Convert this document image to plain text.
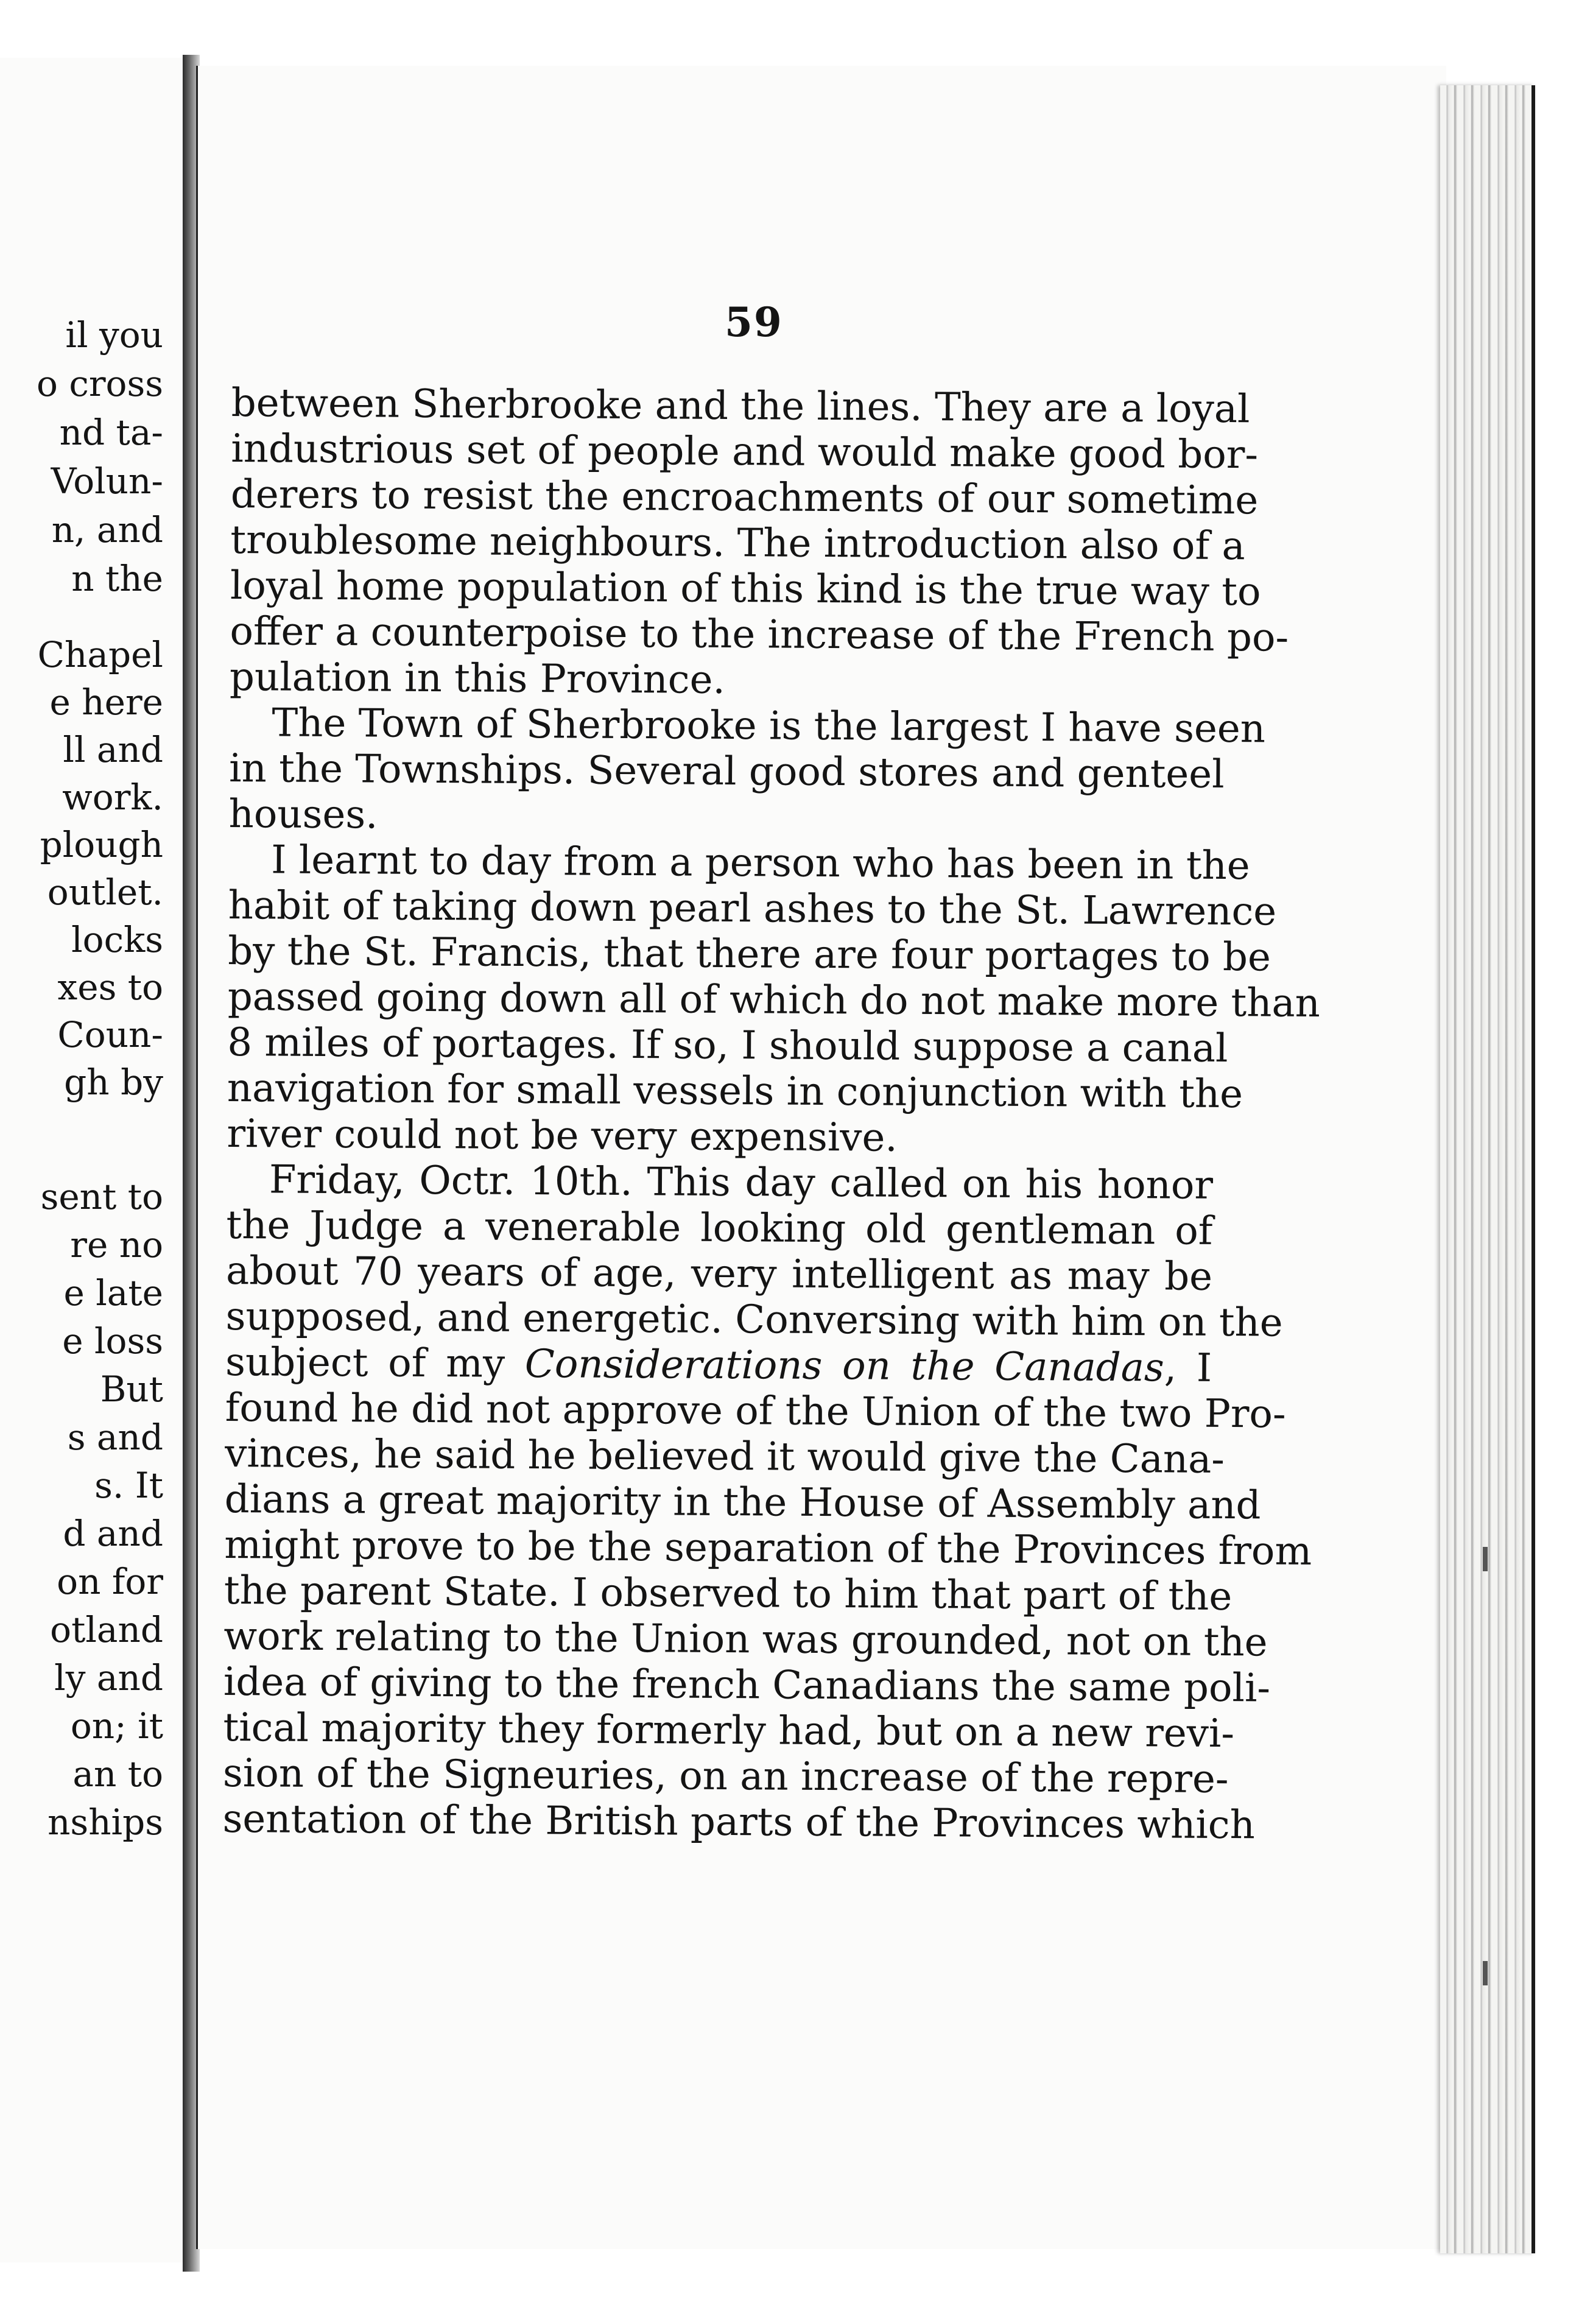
il you
o cross
nd ta-
Volun-
n, and
n the
Chapel
e here
ll and
work.
plough
outlet.
locks
xes to
Coun-
gh by
sent to
re no
e late
e loss
But
s and
s. It
d and
on for
otland
ly and
on; it
an to
nships
59
between Sherbrooke and the lines. They are a loyal
industrious set of people and would make good bor-
derers to resist the encroachments of our sometime
troublesome neighbours. The introduction also of a
loyal home population of this kind is the true way to
offer a counterpoise to the increase of the French po-
pulation in this Province.
The Town of Sherbrooke is the largest I have seen
in the Townships. Several good stores and genteel
houses.
I learnt to day from a person who has been in the
habit of taking down pearl ashes to the St. Lawrence
by the St. Francis, that there are four portages to be
passed going down all of which do not make more than
8 miles of portages. If so, I should suppose a canal
navigation for small vessels in conjunction with the
river could not be very expensive.
Friday, Octr. 10th. This day called on his honor
the Judge a venerable looking old gentleman of
about 70 years of age, very intelligent as may be
supposed, and energetic. Conversing with him on the
subject of my Considerations on the Canadas, I
found he did not approve of the Union of the two Pro-
vinces, he said he believed it would give the Cana-
dians a great majority in the House of Assembly and
might prove to be the separation of the Provinces from
the parent State. I observed to him that part of the
work relating to the Union was grounded, not on the
idea of giving to the french Canadians the same poli-
tical majority they formerly had, but on a new revi-
sion of the Signeuries, on an increase of the repre-
sentation of the British parts of the Provinces which
